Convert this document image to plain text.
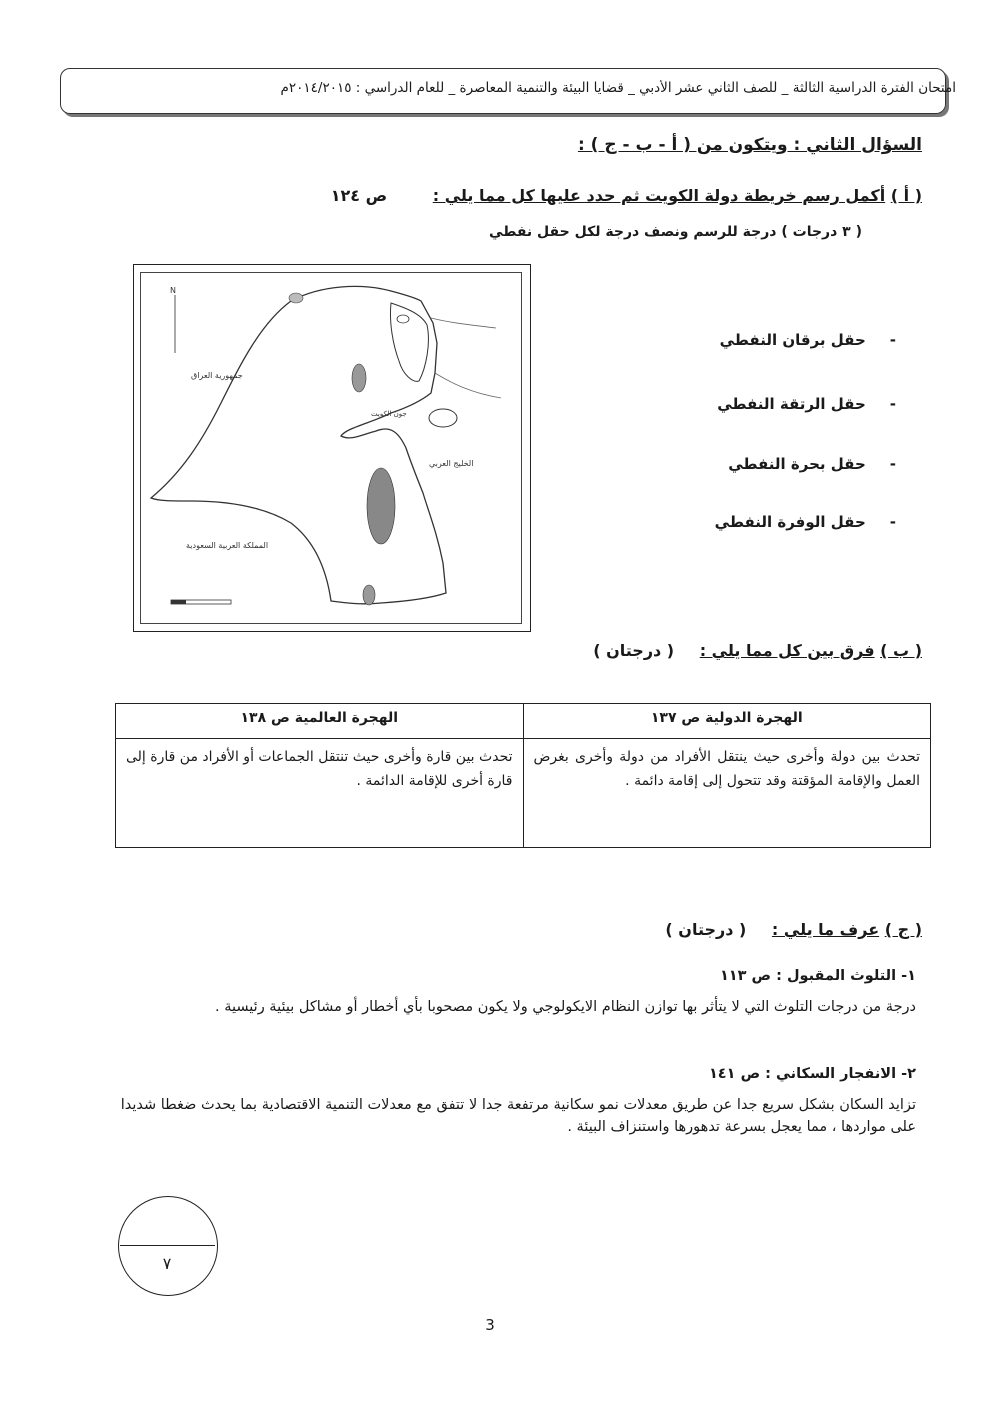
امتحان الفترة الدراسية الثالثة _ للصف الثاني عشر الأدبي _ قضايا البيئة والتنمية المعاصرة _ للعام الدراسي : ٢٠١٤/٢٠١٥م
السؤال الثاني : ويتكون من ( أ - ب - ج ) :
( أ ) أكمل رسم خريطة دولة الكويت ثم حدد عليها كل مما يلي : ص ١٢٤
( ٣ درجات ) درجة للرسم ونصف درجة لكل حقل نفطي
N
جمهورية العراق
المملكة العربية السعودية
الخليج العربي
جون الكويت
-حقل برقان النفطي
-حقل الرتقة النفطي
-حقل بحرة النفطي
-حقل الوفرة النفطي
( ب ) فرق بين كل مما يلي : ( درجتان )
الهجرة الدولية ص ١٣٧	الهجرة العالمية ص ١٣٨
تحدث بين دولة وأخرى حيث ينتقل الأفراد من دولة وأخرى بغرض العمل والإقامة المؤقتة وقد تتحول إلى إقامة دائمة .	تحدث بين قارة وأخرى حيث تنتقل الجماعات أو الأفراد من قارة إلى قارة أخرى للإقامة الدائمة .
( ج ) عرف ما يلي : ( درجتان )
١- التلوث المقبول : ص ١١٣
درجة من درجات التلوث التي لا يتأثر بها توازن النظام الايكولوجي ولا يكون مصحوبا بأي أخطار أو مشاكل بيئية رئيسية .
٢- الانفجار السكاني : ص ١٤١
تزايد السكان بشكل سريع جدا عن طريق معدلات نمو سكانية مرتفعة جدا لا تتفق مع معدلات التنمية الاقتصادية بما يحدث ضغطا شديدا على مواردها ، مما يعجل بسرعة تدهورها واستنزاف البيئة .
٧
3
